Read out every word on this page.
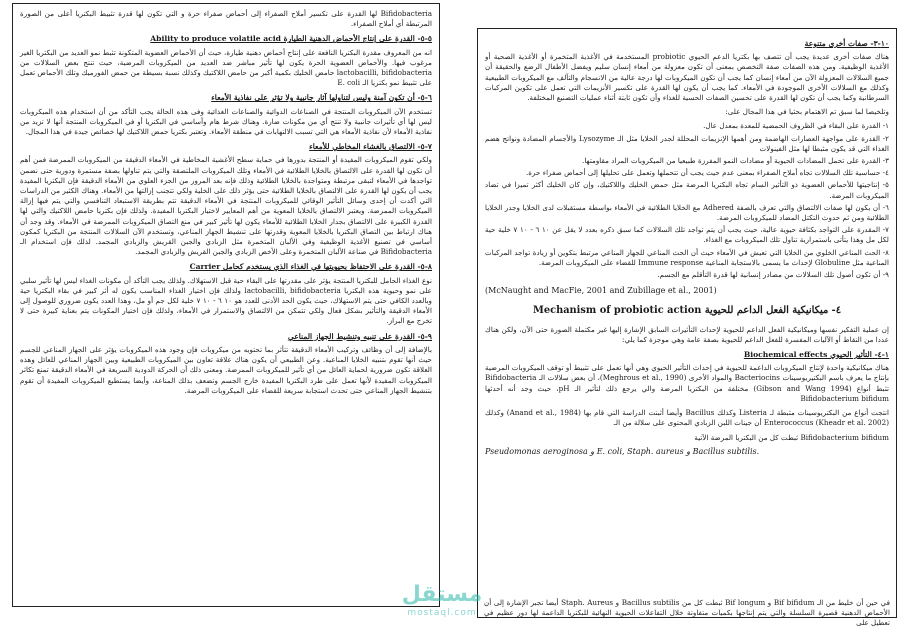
Bifidobacteria لها القدرة على تكسير أملاح الصفراء إلى أحماض صفراء حرة و التي تكون لها قدرة تثبيط البكتريا أعلى من الصورة المرتبطة أي أملاح الصفراء.

٥-٥- القدرة على إنتاج الأحماض الدهنية الطيارة Ability to produce volatile acid

انه من المعروف مقدرة البكتريا النافعة على إنتاج أحماض دهنية طيارة، حيث أن الأحماض العضوية المتكونة تثبط نمو العديد من البكتريا الغير مرغوب فيها. والأحماض العضوية الحرة يكون لها تأثير مباشر ضد العديد من الميكروبات المرضية، حيث تنتج بعض السلالات من lactobacilli, bifidobacteria حامض الخليك بكمية أكبر من حامض اللاكتيك وكذلك نسبة بسيطة من حمض الفورميك وتلك الأحماض تعمل على تثبيط نمو بكتريا الـ E. coli

٦-٥- أن تكون آمنة وليس لتناولها آثار جانبية ولا تؤثر على نفاذية الأمعاء

تستخدم الآن الميكروبات المنتجة في الصناعات الدوائية والصناعات الغذائية وفى هذه الحالة يجب التأكد من أن استخدام هذه الميكروبات ليس لها أي تأثيرات جانبية ولا تنتج أي من مكونات ضارة. وهناك شرط هام وأساسي في البكتريا أو في الميكروبات المنتجة أنها لا تزيد من نفاذية الأمعاء لأن نفاذية الأمعاء هي التي تسبب الالتهابات في منطقة الأمعاء. وتعتبر بكتريا حمض اللاكتيك لها خصائص جيدة في هذا المجال.

٧-٥- الالتصاق بالغشاء المخاطي للأمعاء

ولكي تقوم الميكروبات المفيدة أو المنتجة بدورها في حماية سطح الأغشية المخاطية في الأمعاء الدقيقة من الميكروبات الممرضة فمن أهم أن تكون لها القدرة على الالتصاق بالخلايا الطلائية في الأمعاء وتلك الميكروبات الملتصقة والتي يتم تناولها بصفة مستمرة ودورية حتى نضمن تواجدها في الأمعاء لتبقى مرتبطة ومتواجدة بالخلايا الطلائية وذلك فإنه بعد المرور من الجزء العلوي من الأمعاء الدقيقة فإن البكتريا المفيدة يجب أن يكون لها القدرة على الالتصاق بالخلايا الطلائية حتى يؤثر ذلك على الخلية ولكي تتجنب إزالتها من الأمعاء. وهناك الكثير من الدراسات التي أكدت أن إحدى وسائل التأثير الوقائي للميكروبات المنتجة في الأمعاء الدقيقة تتم بطريقة الاستبعاد التنافسي والتي يتم فيها إزالة الميكروبات الممرضة. ويعتبر الالتصاق بالخلايا المعوية من أهم المعايير لاختيار البكتريا المفيدة. ولذلك فإن بكتريا حامض اللاكتيك والتي لها القدرة الكبيرة على الالتصاق بجدار الخلايا الطلائية للأمعاء يكون لها تأثير كبير في منع التصاق الميكروبات الممرضة في الأمعاء. وقد وجد أن هناك ارتباط بين التصاق البكتريا بالخلايا المعوية وقدرتها على تنشيط الجهاز المناعي، وتستخدم الآن السلالات المنتجة من البكتريا كمكون أساسي في تصنيع الأغذية الوظيفية وفي الألبان المتخمرة مثل الزبادي والجبن القريش والزبادي المجمد. لذلك فإن استخدام الـ Bifidobacteria في صناعة الألبان المتخمرة وعلى الأخص الزبادي والجبن القريش والزبادي المجمد.

٨-٥- القدرة على الاحتفاظ بحيويتها في الغذاء الذي يستخدم كحامل Carrier

نوع الغذاء الحامل للبكتريا المنتجة يؤثر على مقدرتها على البقاء حية قبل الاستهلاك. ولذلك يجب التأكد أن مكونات الغذاء ليس لها تأثير سلبي على نمو وحيوية هذه البكتريا lactobacilli, bifidobacteria ولذلك فإن اختيار الغذاء المناسب يكون له أثر كبير في بقاء البكتريا حية وبالعدد الكافي حتى يتم الاستهلاك، حيث يكون الحد الأدنى للعدد هو ١٠ ٦ - ١٠ ٧ خلية لكل جم أو مل، وهذا العدد يكون ضروري للوصول إلى الأمعاء الدقيقة والتأثير بشكل فعال ولكي تتمكن من الالتصاق والاستمرار في الأمعاء، ولذلك فإن اختيار المكونات يتم بعناية كبيرة حتى لا تخرج مع البراز.

٩-٥- القدرة على تنبيه وتنشيط الجهاز المناعي

بالإضافة إلى أن وظائف وتركيب الأمعاء الدقيقة تتأثر بما تحتويه من ميكروبات فإن وجود هذه الميكروبات يؤثر على الجهاز المناعي للجسم حيث أنها تقوم بتنبيه الخلايا المناعية. وعن الطبيعي أن يكون هناك علاقة تعاون بين الميكروبات الطبيعية وبين الجهاز المناعي للعائل وهذه العلاقة تكون ضرورية لحماية العائل من أي تأثير للميكروبات الممرضة. ومعنى ذلك أن الحركة الدودية السريعة في الأمعاء الدقيقة تمنع تكاثر الميكروبات المفيدة لأنها تعمل على طرد البكتريا المفيدة خارج الجسم وتضعف بذلك المناعة، وأيضا يستطيع الميكروبات المفيدة أن تقوم بتنشيط الجهاز المناعي حتى تحدث استجابة سريعة للقضاء على الميكروبات المرضة.

١٠-٣- صفات أخرى متنوعة

هناك صفات أخرى عديدة يجب أن تتصف بها بكتريا الدعم الحيوي probiotic المستخدمة في الأغذية المتخمرة أو الأغذية الصحية أو الأغذية الوظيفية. ومن هذه الصفات صفة التخصص بمعنى أن تكون معزولة من أمعاء إنسان سليم ويفضل الأطفال الرضع والحقيقة أن جميع السلالات المعزولة الآن من أمعاء إنسان كما يجب أن تكون الميكروبات لها درجة عالية من الانسجام والتآلف مع الميكروبات الطبيعية وكذلك مع السلالات الأخرى الموجودة في الأمعاء. كما يجب أن يكون لها القدرة على تكسير الأنزيمات التي تعمل على تكوين المركبات السرطانية وكما يجب أن تكون لها القدرة على تحسين الصفات الحسية للغذاء وأن تكون ثابتة أثناء عمليات التصنيع المختلفة.

وتلخيصا لما سبق تم الاهتمام بحثيا في هذا المجال على:

١- القدرة على البقاء في الظروف الحمضية للمعدة بمعدل عال.

٢- القدرة على مواجهة العصارات الهاضمة ومن أهمها الإنزيمات المحللة لجدر الخلايا مثل الـ Lysozyme والأجسام المضادة ونواتج هضم الغذاء التي قد يكون مثبطا لها مثل الفينولات

٣- القدرة على تحمل المضادات الحيوية أو مضادات النمو المفرزة طبيعيا من الميكروبات المراد مقاومتها.

٤- حساسية تلك السلالات تجاه أملاح الصفراء بمعنى عدم حيث يجب أن تتحملها وتعمل على تحليلها إلى أحماض صفراء حرة.

٥- إنتاجيتها للأحماض العضوية ذو التأثير السام تجاه البكتريا المرضة مثل حمض الخليك واللاكتيك، وإن كان الخليك أكثر تميزا في تضاد الميكروبات المرضة.

٦- أن يكون لها صفات الالتصاق والتي تعرف بالصفة Adhered مع الخلايا الطلائية في الأمعاء بواسطة مستقبلات لدى الخلايا وجدر الخلايا الطلائية ومن ثم حدوث التكتل المضاد للميكروبات المرضة.

٧- المقدرة على التواجد بكثافة حيوية عالية، حيث يجب أن يتم تواجد تلك السلالات كما سبق ذكره بعدد لا يقل عن ١٠ ٦ - ١٠ ٧ خلية حية لكل مل وهذا يتأتى باستمرارية تناول تلك الميكروبات مع الغذاء.

٨- الحث المناعي الخلوي من الخلايا التي تعيش في الأمعاء حيث أن الحث المناعي للجهاز المناعي مرتبط بتكوين أو زيادة تواجد المركبات المناعية مثل Globuline لإحداث ما يسمى بالاستجابة المناعية Immune response للقضاء على الميكروبات المرضة.

٩- أن تكون أصول تلك السلالات من مصادر إنسانية لها قدرة التأقلم مع الجسم.

(McNaught and MacFie, 2001 and Zubillage et al., 2001)

٤- ميكانيكية الفعل الداعم للحيوية Mechanism of probiotic action

إن عملية التفكير نفسها وميكانيكية الفعل الداعم للحيوية لإحداث التأثيرات السابق الإشارة إليها غير مكتملة الصورة حتى الآن، ولكن هناك عددا من النقاط أو الآليات المفسرة للفعل الداعم للحيوية بصفة عامة وهي موجزة كما يلي:

١-٤- التأثير الحيوي Biochemical effects

هناك ميكانيكية واحدة لإنتاج الميكروبات الداعمة للحيوية في إحداث التأثير الحيوي وهي أنها تعمل على تثبيط أو توقف الميكروبات المرضية بإنتاج ما يعرف باسم البكتيريوسينات Bacteriocins والمواد الأخرى (Meghrous et al., 1990)، أن بعض سلالات الـ Bifidobacteria تثبط أنواع (Gibson and Wang 1994) مختلفة من البكتريا المرضة والي يرجع ذلك لتأثير الـ pH، حيث وجد أنه أحدثها Bifidobacterium bifidum

انتجت أنواع من البكتريوسينات مثبطة لـ Listeria وكذلك Bacillus وأيضا أثبتت الدراسة التي قام بها (Anand et al., 1984) وكذلك Enterococcus (Kheadr et al. 2002) أن جينات اللبن الزبادي المحتوى على سلالة من الـ

Bifidobacterium bifidum ثبطت كل من البكتريا المرضة الآتية

Pseudomonas aeroginosa و E. coli, Staph. aureus و Bacillus subtilis.

في حين أن خليط من الـ Bif bifidum و Bif longum ثبطت كل من Bacillus subtilis و Staph. Aureus أيضا تجبر الإشارة إلى أن الأحماض الدهنية قصيرة السلسلة والتي يتم إنتاجها بكميات متفاوتة خلال التفاعلات الحيوية النهائية للبكتريا الداعمة لها دور عظيم في تعطيل على

مستقل
mostaql.com
